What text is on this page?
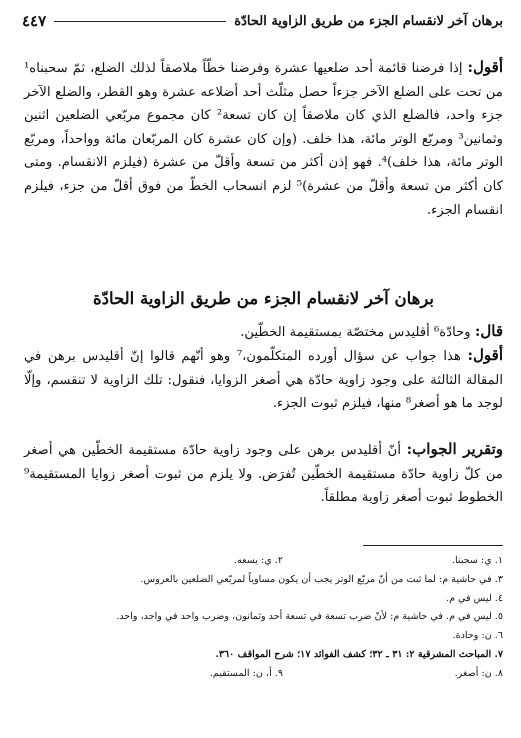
برهان آخر لانقسام الجزء من طريق الزاوية الحادّة
٤٤٧

أقول: إذا فرضنا قائمة أحد ضلعيها عشرة وفرضنا خطّاً ملاصقاً لذلك الضلع، ثمّ سحبناه¹ من تحت على الضلع الآخر جزءاً حصل مثلّث أحد أضلاعه عشرة وهو القطر، والضلع الآخر جزء واحد، فالضلع الذي كان ملاصقاً إن كان تسعة² كان مجموع مربّعي الضلعين اثنين وثمانين³ ومربّع الوتر مائة، هذا خلف. (وإن كان عشرة كان المربّعان مائة وواحداً، ومربّع الوتر مائة، هذا خلف)⁴. فهو إذن أكثر من تسعة وأقلّ من عشرة (فيلزم الانقسام. ومتى كان أكثر من تسعة وأقلّ من عشرة)⁵ لزم انسحاب الخطّ من فوق أقلّ من جزء، فيلزم انقسام الجزء.

برهان آخر لانقسام الجزء من طريق الزاوية الحادّة

قال: وحادّة⁶ أقليدس مختصّة بمستقيمة الخطّين.

أقول: هذا جواب عن سؤال أورده المتكلّمون،⁷ وهو أنّهم قالوا إنّ أقليدس برهن في المقالة الثالثة على وجود زاوية حادّة هي أصغر الزوايا، فنقول: تلك الزاوية لا تنقسم، وإلّا لوجد ما هو أصغر⁸ منها، فيلزم ثبوت الجزء.

وتقرير الجواب: أنّ أقليدس برهن على وجود زاوية حادّة مستقيمة الخطّين هي أصغر من كلّ زاوية حادّة مستقيمة الخطّين تُفرَض. ولا يلزم من ثبوت أصغر زوايا المستقيمة⁹ الخطوط ثبوت أصغر زاوية مطلقاً.

١. ي: سحبنا.
٢. ي: يسعه.
٣. في حاشية م: لما ثبت من أنّ مربّع الوتر يجب أن يكون مساوياً لمربّعي الضلعين بالعروس.
٤. ليس في م.
٥. ليس في م. في حاشية م: لأنّ ضرب تسعة في تسعة أحد وثمانون، وضرب واحد في واحد، واحد.
٦. ن: وحادة.
٧. المباحث المشرقية ٢: ٣١ ـ ٣٢؛ كشف الفوائد ١٧؛ شرح المواقف ٣٦٠.
٨. ن: أصغر.
٩. أ، ن: المستقيم.
